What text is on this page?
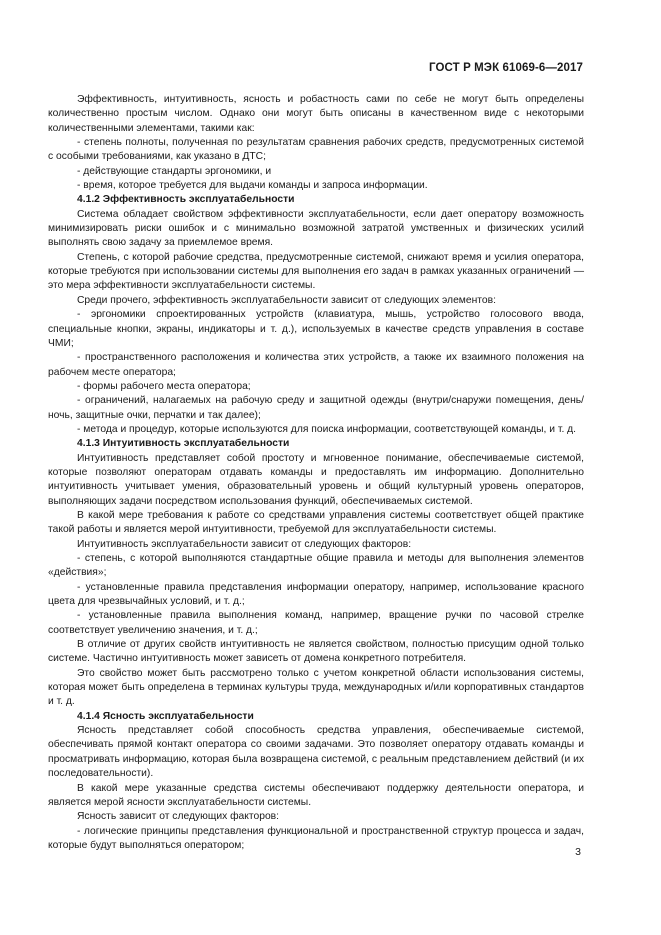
ГОСТ Р МЭК 61069-6—2017

Эффективность, интуитивность, ясность и робастность сами по себе не могут быть определены количественно простым числом. Однако они могут быть описаны в качественном виде с некоторыми количественными элементами, такими как:

- степень полноты, полученная по результатам сравнения рабочих средств, предусмотренных системой с особыми требованиями, как указано в ДТС;

- действующие стандарты эргономики, и

- время, которое требуется для выдачи команды и запроса информации.

4.1.2 Эффективность эксплуатабельности

Система обладает свойством эффективности эксплуатабельности, если дает оператору возможность минимизировать риски ошибок и с минимально возможной затратой умственных и физических усилий выполнять свою задачу за приемлемое время.

Степень, с которой рабочие средства, предусмотренные системой, снижают время и усилия оператора, которые требуются при использовании системы для выполнения его задач в рамках указанных ограничений — это мера эффективности эксплуатабельности системы.

Среди прочего, эффективность эксплуатабельности зависит от следующих элементов:

- эргономики спроектированных устройств (клавиатура, мышь, устройство голосового ввода, специальные кнопки, экраны, индикаторы и т. д.), используемых в качестве средств управления в составе ЧМИ;

- пространственного расположения и количества этих устройств, а также их взаимного положения на рабочем месте оператора;

- формы рабочего места оператора;

- ограничений, налагаемых на рабочую среду и защитной одежды (внутри/снаружи помещения, день/ночь, защитные очки, перчатки и так далее);

- метода и процедур, которые используются для поиска информации, соответствующей команды, и т. д.

4.1.3 Интуитивность эксплуатабельности

Интуитивность представляет собой простоту и мгновенное понимание, обеспечиваемые системой, которые позволяют операторам отдавать команды и предоставлять им информацию. Дополнительно интуитивность учитывает умения, образовательный уровень и общий культурный уровень операторов, выполняющих задачи посредством использования функций, обеспечиваемых системой.

В какой мере требования к работе со средствами управления системы соответствует общей практике такой работы и является мерой интуитивности, требуемой для эксплуатабельности системы.

Интуитивность эксплуатабельности зависит от следующих факторов:

- степень, с которой выполняются стандартные общие правила и методы для выполнения элементов «действия»;

- установленные правила представления информации оператору, например, использование красного цвета для чрезвычайных условий, и т. д.;

- установленные правила выполнения команд, например, вращение ручки по часовой стрелке соответствует увеличению значения, и т. д.;

В отличие от других свойств интуитивность не является свойством, полностью присущим одной только системе. Частично интуитивность может зависеть от домена конкретного потребителя.

Это свойство может быть рассмотрено только с учетом конкретной области использования системы, которая может быть определена в терминах культуры труда, международных и/или корпоративных стандартов и т. д.

4.1.4 Ясность эксплуатабельности

Ясность представляет собой способность средства управления, обеспечиваемые системой, обеспечивать прямой контакт оператора со своими задачами. Это позволяет оператору отдавать команды и просматривать информацию, которая была возвращена системой, с реальным представлением действий (и их последовательности).

В какой мере указанные средства системы обеспечивают поддержку деятельности оператора, и является мерой ясности эксплуатабельности системы.

Ясность зависит от следующих факторов:

- логические принципы представления функциональной и пространственной структур процесса и задач, которые будут выполняться оператором;

3
